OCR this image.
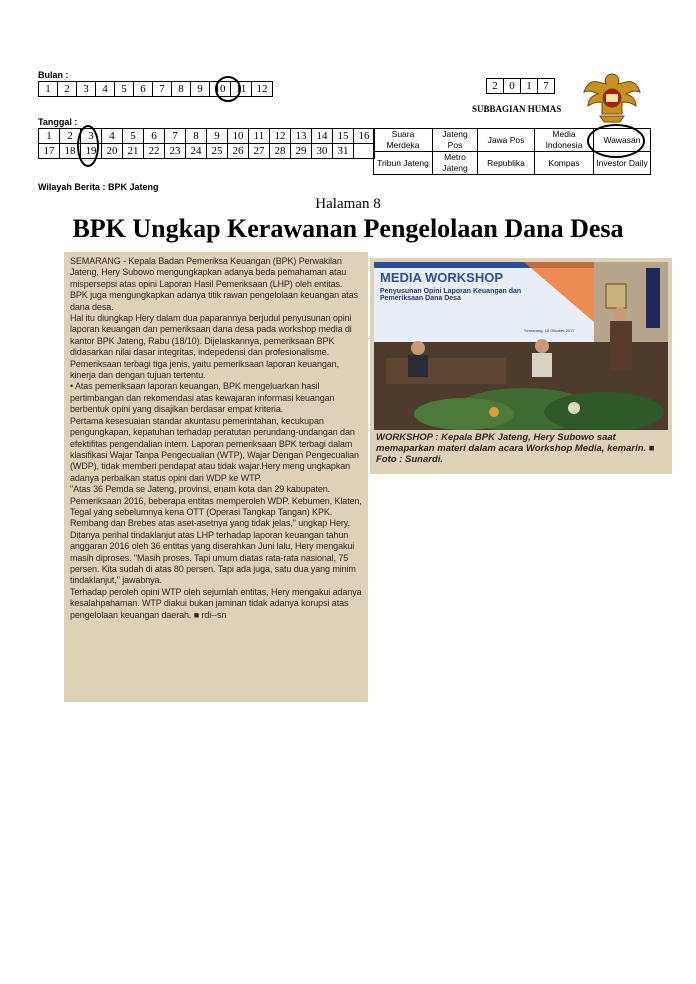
Bulan :
1	2	3	4	5	6	7	8	9	10	11	12	2	0	1	7
SUBBAGIAN HUMAS
Tanggal :
1	2	3	4	5	6	7	8	9	10	11	12	13	14	15	16
17	18	19	20	21	22	23	24	25	26	27	28	29	30	31	
Suara Merdeka	Jateng Pos	Jawa Pos	Media Indonesia	Wawasan
Tribun Jateng	Metro Jateng	Republika	Kompas	Investor Daily
Wilayah Berita : BPK Jateng
Halaman 8
BPK Ungkap Kerawanan Pengelolaan Dana Desa
SEMARANG - Kepala Badan Pemeriksa Keuangan (BPK) Perwakilan Jateng, Hery Subowo mengungkapkan adanya beda pemahaman atau mispersepsi atas opini Laporan Hasil Pemeriksaan (LHP) oleh entitas. BPK juga mengungkapkan adanya titik rawan pengelolaan keuangan atas dana desa.
Hal itu diungkap Hery dalam dua paparannya berjudul penyusunan opini laporan keuangan dan pemeriksaan dana desa pada workshop media di kantor BPK Jateng, Rabu (18/10). Dijelaskannya, pemeriksaan BPK didasarkan nilai dasar integritas, indepedensi dan profesionalisme. Pemeriksaan terbagi tiga jenis, yaitu pemeriksaan laporan keuangan, kinerja dan dengan tujuan tertentu.
• Atas pemeriksaan laporan keuangan, BPK mengeluarkan hasil pertimbangan dan rekomendasi atas kewajaran informasi keuangan berbentuk opini yang disajikan berdasar empat kriteria.
Pertama kesesuaian standar akuntasu pemerintahan, kecukupan pengungkapan, kepatuhan terhadap peratutan perundang-undangan dan efektifitas pengendalian intern. Laporan pemeriksaan BPK terbagi dalam klasifikasi Wajar Tanpa Pengecualian (WTP), Wajar Dengan Pengecualian (WDP), tidak memberi pendapat atau tidak wajar.Hery meng ungkapkan adanya perbaikan status opini dari WDP ke WTP.
"Atas 36 Pemda se Jateng, provinsi, enam kota dan 29 kabupaten. Pemeriksaan 2016, beberapa entitas memperoleh WDP. Kebumen, Klaten, Tegal yang sebelumnya kena OTT (Operasi Tangkap Tangan) KPK. Rembang dan Brebes atas aset-asetnya yang tidak jelas," ungkap Hery.
Ditanya perihal tindaklanjut atas LHP terhadap laporan keuangan tahun anggaran 2016 oleh 36 entitas yang diserahkan Juni lalu, Hery mengakui masih diproses. "Masih proses. Tapi umum diatas rata-rata nasional, 75 persen. Kita sudah di atas 80 persen. Tapi ada juga, satu dua yang minim tindaklanjut," jawabnya.
Terhadap peroleh opini WTP oleh sejumlah entitas, Hery mengakui adanya kesalahpahaman. WTP diakui bukan jaminan tidak adanya korupsi atas pengelolaan keuangan daerah. ■ rdi--sn
MEDIA WORKSHOP
Penyusunan Opini Laporan Keuangan dan Pemeriksaan Dana Desa
Semarang, 18 Oktober 2017
WORKSHOP : Kepala BPK Jateng, Hery Subowo saat memaparkan materi dalam acara Workshop Media, kemarin. ■ Foto : Sunardi.
